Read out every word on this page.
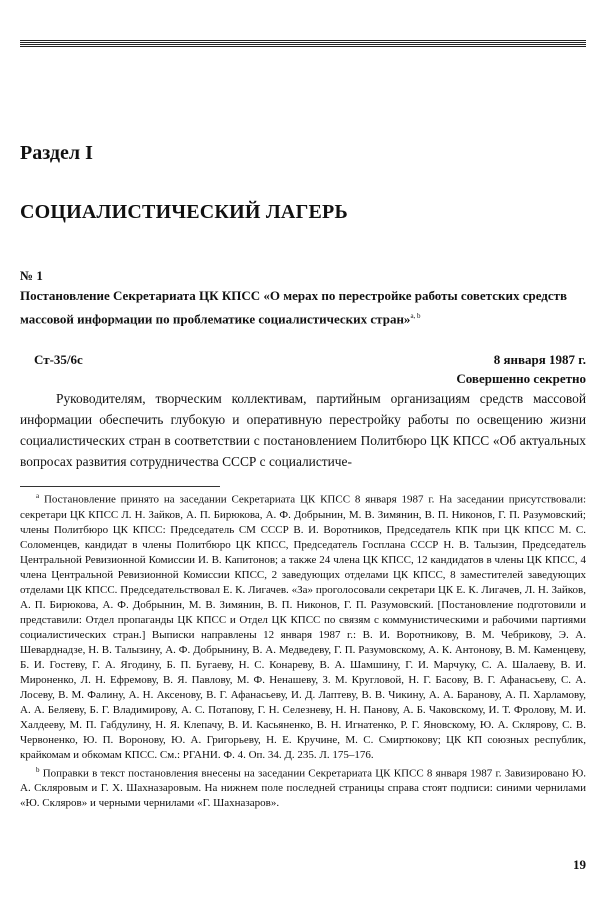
Раздел I
СОЦИАЛИСТИЧЕСКИЙ ЛАГЕРЬ
№ 1

Постановление Секретариата ЦК КПСС «О мерах по перестройке работы советских средств массовой информации по проблематике социалистических стран»$^{a, b}$

Ст-35/6с	8 января 1987 г.
Совершенно секретно

Руководителям, творческим коллективам, партийным организациям средств массовой информации обеспечить глубокую и оперативную перестройку работы по освещению жизни социалистических стран в соответствии с постановлением Политбюро ЦК КПСС «Об актуальных вопросах развития сотрудничества СССР с социалистиче-

$^a$ Постановление принято на заседании Секретариата ЦК КПСС 8 января 1987 г. На заседании присутствовали: секретари ЦК КПСС Л. Н. Зайков, А. П. Бирюкова, А. Ф. Добрынин, М. В. Зимянин, В. П. Никонов, Г. П. Разумовский; члены Политбюро ЦК КПСС: Председатель СМ СССР В. И. Воротников, Председатель КПК при ЦК КПСС М. С. Соломенцев, кандидат в члены Политбюро ЦК КПСС, Председатель Госплана СССР Н. В. Талызин, Председатель Центральной Ревизионной Комиссии И. В. Капитонов; а также 24 члена ЦК КПСС, 12 кандидатов в члены ЦК КПСС, 4 члена Центральной Ревизионной Комиссии КПСС, 2 заведующих отделами ЦК КПСС, 8 заместителей заведующих отделами ЦК КПСС. Председательствовал Е. К. Лигачев. «За» проголосовали секретари ЦК Е. К. Лигачев, Л. Н. Зайков, А. П. Бирюкова, А. Ф. Добрынин, М. В. Зимянин, В. П. Никонов, Г. П. Разумовский. [Постановление подготовили и представили: Отдел пропаганды ЦК КПСС и Отдел ЦК КПСС по связям с коммунистическими и рабочими партиями социалистических стран.] Выписки направлены 12 января 1987 г.: В. И. Воротникову, В. М. Чебрикову, Э. А. Шеварднадзе, Н. В. Талызину, А. Ф. Добрынину, В. А. Медведеву, Г. П. Разумовскому, А. К. Антонову, В. М. Каменцеву, Б. И. Гостеву, Г. А. Ягодину, Б. П. Бугаеву, Н. С. Конареву, В. А. Шамшину, Г. И. Марчуку, С. А. Шалаеву, В. И. Мироненко, Л. Н. Ефремову, В. Я. Павлову, М. Ф. Ненашеву, З. М. Кругловой, Н. Г. Басову, В. Г. Афанасьеву, С. А. Лосеву, В. М. Фалину, А. Н. Аксенову, В. Г. Афанасьеву, И. Д. Лаптеву, В. В. Чикину, А. А. Баранову, А. П. Харламову, А. А. Беляеву, Б. Г. Владимирову, А. С. Потапову, Г. Н. Селезневу, Н. Н. Панову, А. Б. Чаковскому, И. Т. Фролову, М. И. Халдееву, М. П. Габдулину, Н. Я. Клепачу, В. И. Касьяненко, В. Н. Игнатенко, Р. Г. Яновскому, Ю. А. Склярову, С. В. Червоненко, Ю. П. Воронову, Ю. А. Григорьеву, Н. Е. Кручине, М. С. Смиртюкову; ЦК КП союзных республик, крайкомам и обкомам КПСС. См.: РГАНИ. Ф. 4. Оп. 34. Д. 235. Л. 175–176.

$^b$ Поправки в текст постановления внесены на заседании Секретариата ЦК КПСС 8 января 1987 г. Завизировано Ю. А. Скляровым и Г. Х. Шахназаровым. На нижнем поле последней страницы справа стоят подписи: синими чернилами «Ю. Скляров» и черными чернилами «Г. Шахназаров».

19
